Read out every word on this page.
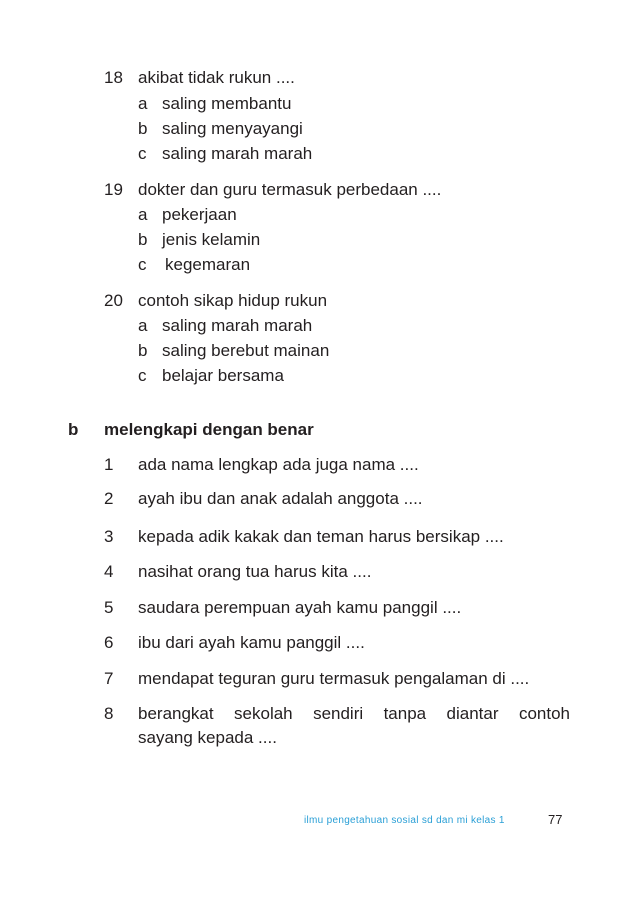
18 akibat tidak rukun ....
a saling membantu
b saling menyayangi
c saling marah marah
19 dokter dan guru termasuk perbedaan ....
a pekerjaan
b jenis kelamin
c kegemaran
20 contoh sikap hidup rukun
a saling marah marah
b saling berebut mainan
c belajar bersama
b melengkapi dengan benar
1 ada nama lengkap ada juga nama ....
2 ayah ibu dan anak adalah anggota ....
3 kepada adik kakak dan teman harus bersikap ....
4 nasihat orang tua harus kita ....
5 saudara perempuan ayah kamu panggil ....
6 ibu dari ayah kamu panggil ....
7 mendapat teguran guru termasuk pengalaman di ....
8 berangkat sekolah sendiri tanpa diantar contoh
sayang kepada ....
ilmu pengetahuan sosial sd dan mi kelas 1	77
